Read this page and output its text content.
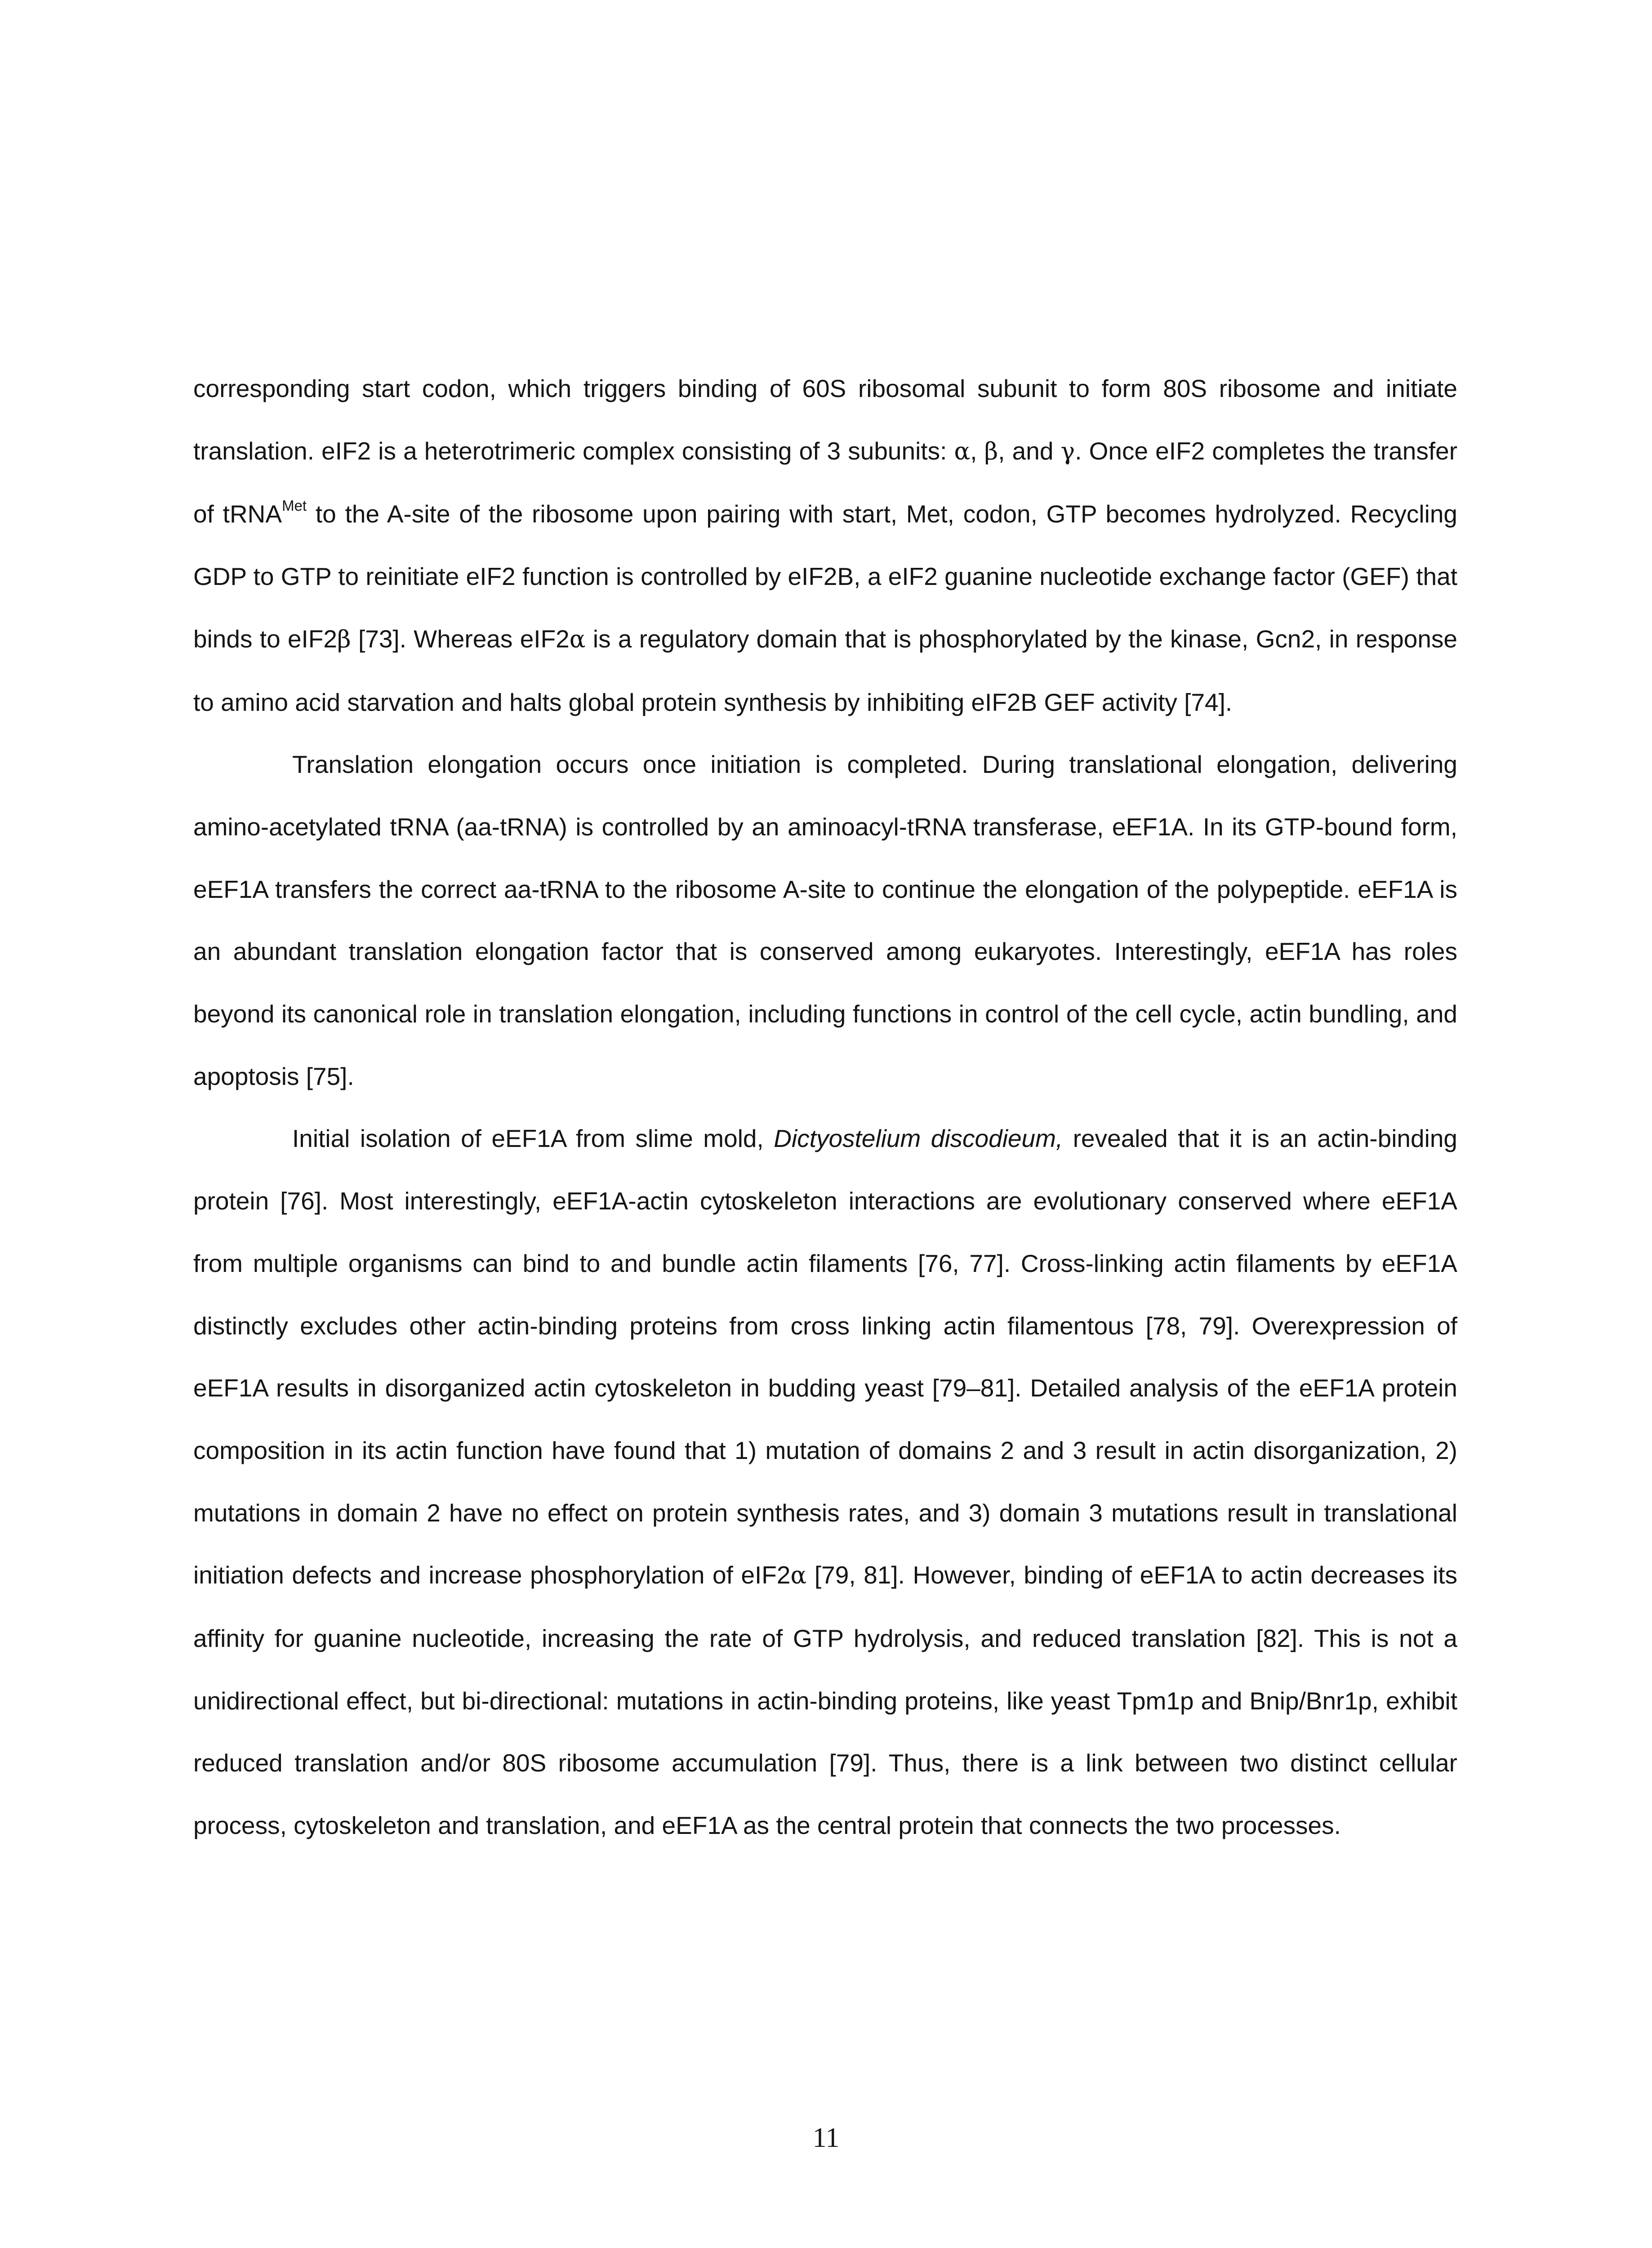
corresponding start codon, which triggers binding of 60S ribosomal subunit to form 80S ribosome and initiate translation. eIF2 is a heterotrimeric complex consisting of 3 subunits: α, β, and γ. Once eIF2 completes the transfer of tRNA$^{Met}$ to the A-site of the ribosome upon pairing with start, Met, codon, GTP becomes hydrolyzed. Recycling GDP to GTP to reinitiate eIF2 function is controlled by eIF2B, a eIF2 guanine nucleotide exchange factor (GEF) that binds to eIF2β [73]. Whereas eIF2α is a regulatory domain that is phosphorylated by the kinase, Gcn2, in response to amino acid starvation and halts global protein synthesis by inhibiting eIF2B GEF activity [74].

Translation elongation occurs once initiation is completed. During translational elongation, delivering amino-acetylated tRNA (aa-tRNA) is controlled by an aminoacyl-tRNA transferase, eEF1A. In its GTP-bound form, eEF1A transfers the correct aa-tRNA to the ribosome A-site to continue the elongation of the polypeptide. eEF1A is an abundant translation elongation factor that is conserved among eukaryotes. Interestingly, eEF1A has roles beyond its canonical role in translation elongation, including functions in control of the cell cycle, actin bundling, and apoptosis [75].

Initial isolation of eEF1A from slime mold, Dictyostelium discodieum, revealed that it is an actin-binding protein [76]. Most interestingly, eEF1A-actin cytoskeleton interactions are evolutionary conserved where eEF1A from multiple organisms can bind to and bundle actin filaments [76, 77]. Cross-linking actin filaments by eEF1A distinctly excludes other actin-binding proteins from cross linking actin filamentous [78, 79]. Overexpression of eEF1A results in disorganized actin cytoskeleton in budding yeast [79–81]. Detailed analysis of the eEF1A protein composition in its actin function have found that 1) mutation of domains 2 and 3 result in actin disorganization, 2) mutations in domain 2 have no effect on protein synthesis rates, and 3) domain 3 mutations result in translational initiation defects and increase phosphorylation of eIF2α [79, 81]. However, binding of eEF1A to actin decreases its affinity for guanine nucleotide, increasing the rate of GTP hydrolysis, and reduced translation [82]. This is not a unidirectional effect, but bi-directional: mutations in actin-binding proteins, like yeast Tpm1p and Bnip/Bnr1p, exhibit reduced translation and/or 80S ribosome accumulation [79]. Thus, there is a link between two distinct cellular process, cytoskeleton and translation, and eEF1A as the central protein that connects the two processes.

11
